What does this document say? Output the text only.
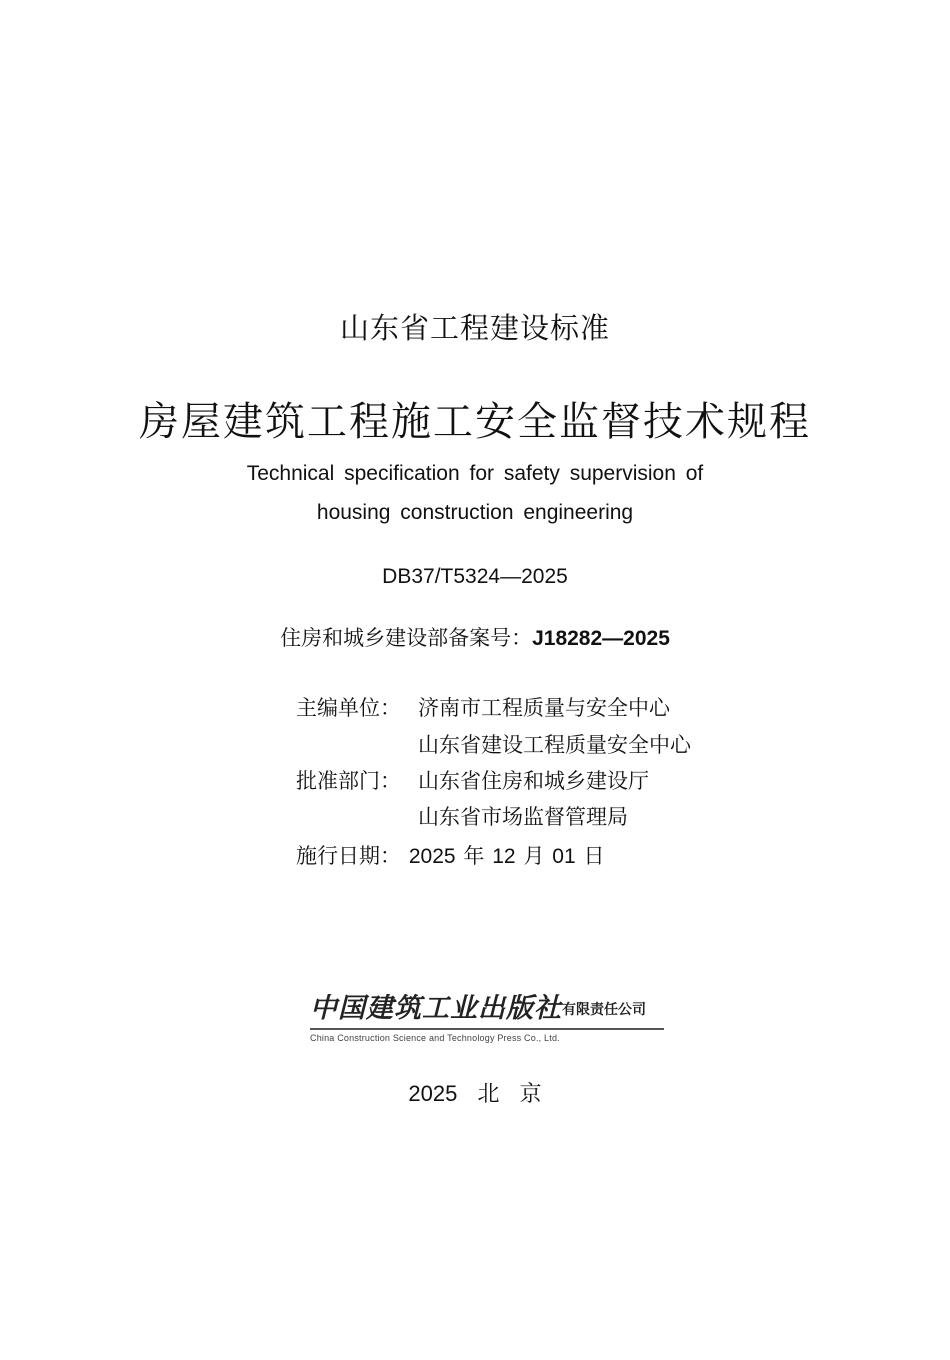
山东省工程建设标准
房屋建筑工程施工安全监督技术规程
Technical specification for safety supervision of
housing construction engineering
DB37/T5324—2025
住房和城乡建设部备案号：J18282—2025
主编单位： 济南市工程质量与安全中心
山东省建设工程质量安全中心
批准部门： 山东省住房和城乡建设厅
山东省市场监督管理局
施行日期： 2025 年 12 月 01 日
中国建筑工业出版社有限责任公司
China Construction Science and Technology Press Co., Ltd.
2025 北 京
